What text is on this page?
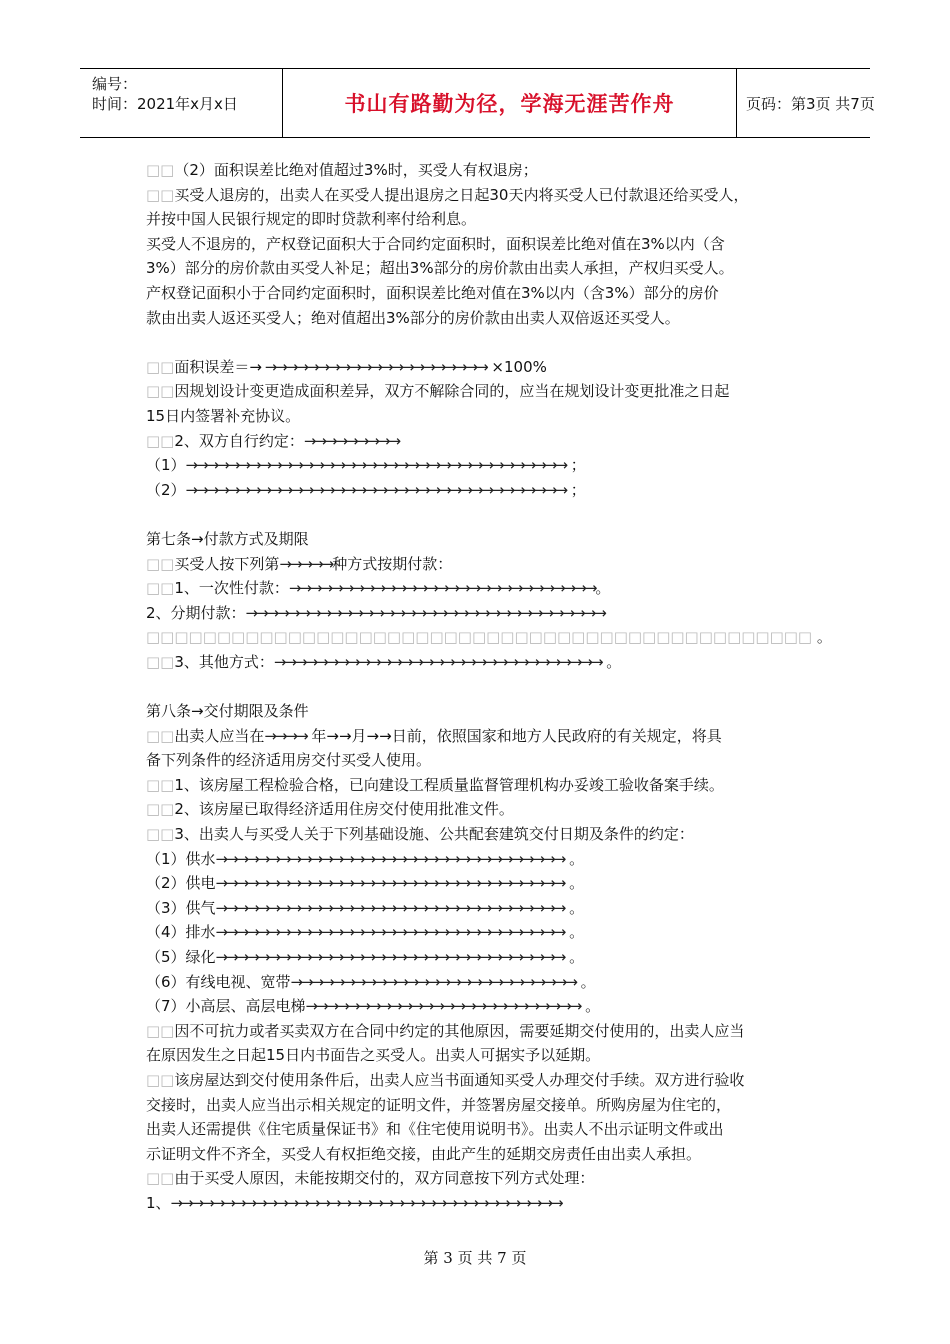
编号：
时间：2021年x月x日	书山有路勤为径，学海无涯苦作舟	页码：第3页 共7页
□□（2）面积误差比绝对值超过3%时，买受人有权退房；
□□买受人退房的，出卖人在买受人提出退房之日起30天内将买受人已付款退还给买受人，
并按中国人民银行规定的即时贷款利率付给利息。
买受人不退房的，产权登记面积大于合同约定面积时，面积误差比绝对值在3%以内（含
3%）部分的房价款由买受人补足；超出3%部分的房价款由出卖人承担，产权归买受人。
产权登记面积小于合同约定面积时，面积误差比绝对值在3%以内（含3%）部分的房价
款由出卖人返还买受人；绝对值超出3%部分的房价款由出卖人双倍返还买受人。
□□面积误差＝→ →→→→→→→→→→→→→→→→→→→→→ ×100%
□□因规划设计变更造成面积差异，双方不解除合同的，应当在规划设计变更批准之日起
15日内签署补充协议。
□□2、双方自行约定：→→→→→→→→→
（1）→→→→→→→→→→→→→→→→→→→→→→→→→→→→→→→→→→→→ ；
（2）→→→→→→→→→→→→→→→→→→→→→→→→→→→→→→→→→→→→ ；
第七条→付款方式及期限
□□买受人按下列第→→→→→种方式按期付款：
□□1、一次性付款：→→→→→→→→→→→→→→→→→→→→→→→→→→→→→。
2、分期付款：→→→→→→→→→→→→→→→→→→→→→→→→→→→→→→→→→→
□□□□□□□□□□□□□□□□□□□□□□□□□□□□□□□□□□□□□□□□□□□□□□□ 。
□□3、其他方式：→→→→→→→→→→→→→→→→→→→→→→→→→→→→→→→ 。
第八条→交付期限及条件
□□出卖人应当在→→→→ 年→→月→→日前，依照国家和地方人民政府的有关规定，将具
备下列条件的经济适用房交付买受人使用。
□□1、该房屋工程检验合格，已向建设工程质量监督管理机构办妥竣工验收备案手续。
□□2、该房屋已取得经济适用住房交付使用批准文件。
□□3、出卖人与买受人关于下列基础设施、公共配套建筑交付日期及条件的约定：
（1）供水→→→→→→→→→→→→→→→→→→→→→→→→→→→→→→→→→ 。
（2）供电→→→→→→→→→→→→→→→→→→→→→→→→→→→→→→→→→ 。
（3）供气→→→→→→→→→→→→→→→→→→→→→→→→→→→→→→→→→ 。
（4）排水→→→→→→→→→→→→→→→→→→→→→→→→→→→→→→→→→ 。
（5）绿化→→→→→→→→→→→→→→→→→→→→→→→→→→→→→→→→→ 。
（6）有线电视、宽带→→→→→→→→→→→→→→→→→→→→→→→→→→→ 。
（7）小高层、高层电梯→→→→→→→→→→→→→→→→→→→→→→→→→→ 。
□□因不可抗力或者买卖双方在合同中约定的其他原因，需要延期交付使用的，出卖人应当
在原因发生之日起15日内书面告之买受人。出卖人可据实予以延期。
□□该房屋达到交付使用条件后，出卖人应当书面通知买受人办理交付手续。双方进行验收
交接时，出卖人应当出示相关规定的证明文件，并签署房屋交接单。所购房屋为住宅的，
出卖人还需提供《住宅质量保证书》和《住宅使用说明书》。出卖人不出示证明文件或出
示证明文件不齐全，买受人有权拒绝交接，由此产生的延期交房责任由出卖人承担。
□□由于买受人原因，未能按期交付的，双方同意按下列方式处理：
1、→→→→→→→→→→→→→→→→→→→→→→→→→→→→→→→→→→→→→
第 3 页 共 7 页
